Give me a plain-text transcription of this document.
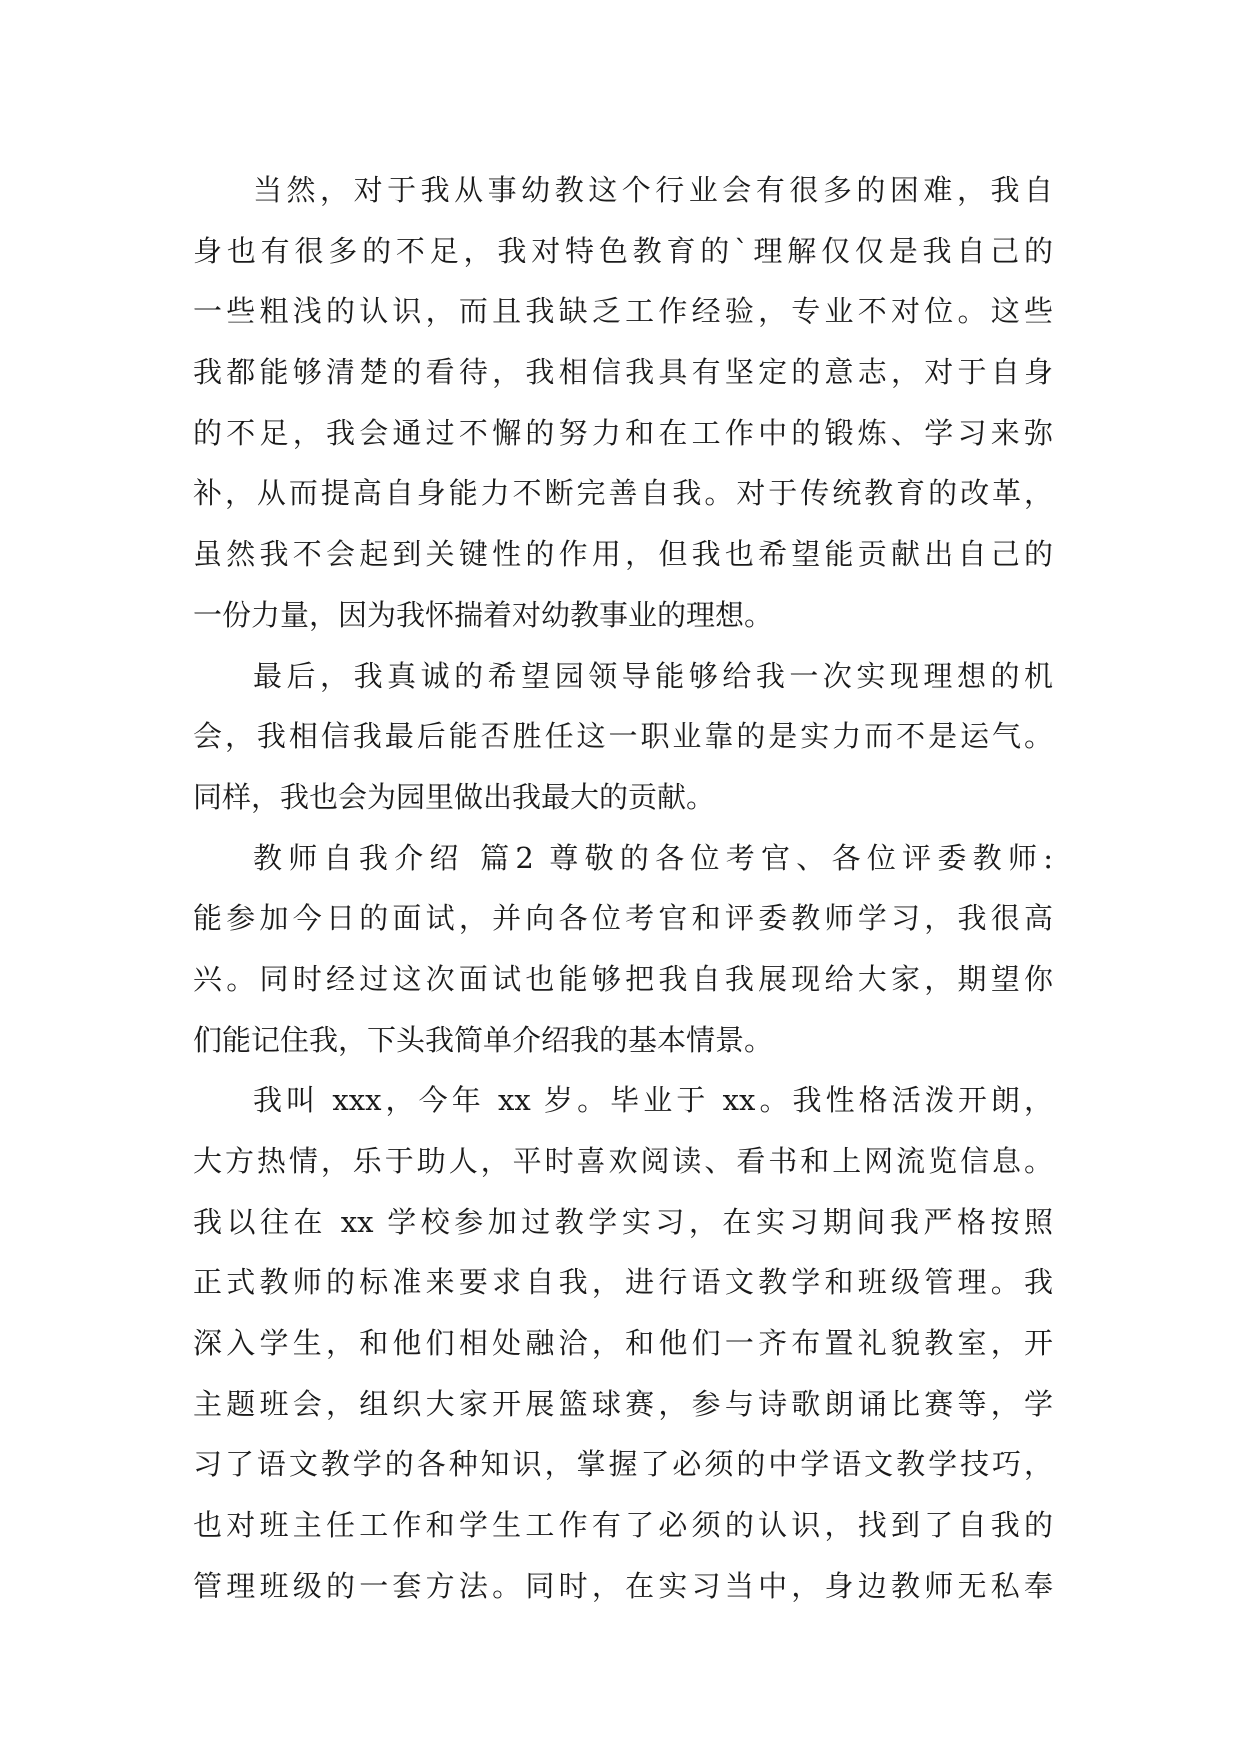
当然，对于我从事幼教这个行业会有很多的困难，我自
身也有很多的不足，我对特色教育的`理解仅仅是我自己的
一些粗浅的认识，而且我缺乏工作经验，专业不对位。这些
我都能够清楚的看待，我相信我具有坚定的意志，对于自身
的不足，我会通过不懈的努力和在工作中的锻炼、学习来弥
补，从而提高自身能力不断完善自我。对于传统教育的改革，
虽然我不会起到关键性的作用，但我也希望能贡献出自己的
一份力量，因为我怀揣着对幼教事业的理想。
最后，我真诚的希望园领导能够给我一次实现理想的机
会，我相信我最后能否胜任这一职业靠的是实力而不是运气。
同样，我也会为园里做出我最大的贡献。
教师自我介绍 篇2 尊敬的各位考官、各位评委教师:
能参加今日的面试，并向各位考官和评委教师学习，我很高
兴。同时经过这次面试也能够把我自我展现给大家，期望你
们能记住我，下头我简单介绍我的基本情景。
我叫 xxx，今年 xx 岁。毕业于 xx。我性格活泼开朗，
大方热情，乐于助人，平时喜欢阅读、看书和上网流览信息。
我以往在 xx 学校参加过教学实习，在实习期间我严格按照
正式教师的标准来要求自我，进行语文教学和班级管理。我
深入学生，和他们相处融洽，和他们一齐布置礼貌教室，开
主题班会，组织大家开展篮球赛，参与诗歌朗诵比赛等，学
习了语文教学的各种知识，掌握了必须的中学语文教学技巧，
也对班主任工作和学生工作有了必须的认识，找到了自我的
管理班级的一套方法。同时，在实习当中，身边教师无私奉
